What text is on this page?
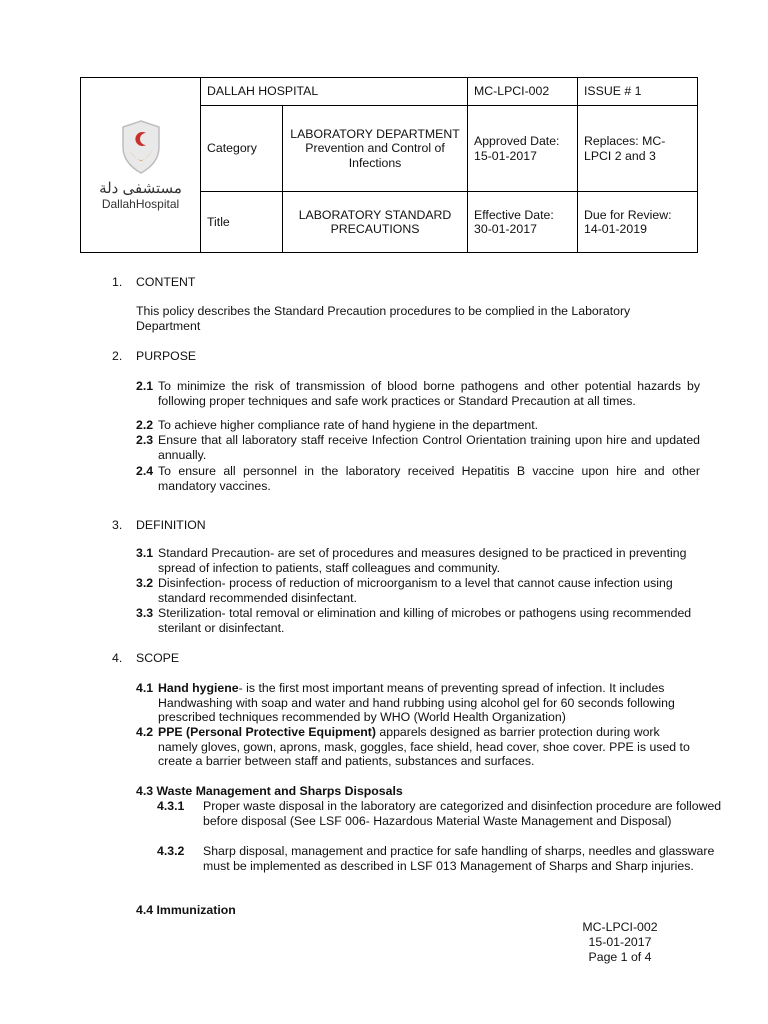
مستشفى دلة
DallahHospital	DALLAH HOSPITAL		MC-LPCI-002	ISSUE # 1
	Category	LABORATORY DEPARTMENT Prevention and Control of Infections	Approved Date: 15-01-2017	Replaces: MC-LPCI 2 and 3
	Title	LABORATORY STANDARD PRECAUTIONS	Effective Date: 30-01-2017	Due for Review: 14-01-2019
1. CONTENT
This policy describes the Standard Precaution procedures to be complied in the Laboratory Department
2. PURPOSE
2.1 To minimize the risk of transmission of blood borne pathogens and other potential hazards by following proper techniques and safe work practices or Standard Precaution at all times.
2.2 To achieve higher compliance rate of hand hygiene in the department.
2.3 Ensure that all laboratory staff receive Infection Control Orientation training upon hire and updated annually.
2.4 To ensure all personnel in the laboratory received Hepatitis B vaccine upon hire and other mandatory vaccines.
3. DEFINITION
3.1 Standard Precaution- are set of procedures and measures designed to be practiced in preventing spread of infection to patients, staff colleagues and community.
3.2 Disinfection- process of reduction of microorganism to a level that cannot cause infection using standard recommended disinfectant.
3.3 Sterilization- total removal or elimination and killing of microbes or pathogens using recommended sterilant or disinfectant.
4. SCOPE
4.1 Hand hygiene- is the first most important means of preventing spread of infection. It includes Handwashing with soap and water and hand rubbing using alcohol gel for 60 seconds following prescribed techniques recommended by WHO (World Health Organization)
4.2 PPE (Personal Protective Equipment) apparels designed as barrier protection during work namely gloves, gown, aprons, mask, goggles, face shield, head cover, shoe cover. PPE is used to create a barrier between staff and patients, substances and surfaces.
4.3 Waste Management and Sharps Disposals
4.3.1 Proper waste disposal in the laboratory are categorized and disinfection procedure are followed before disposal (See LSF 006- Hazardous Material Waste Management and Disposal)
4.3.2 Sharp disposal, management and practice for safe handling of sharps, needles and glassware must be implemented as described in LSF 013 Management of Sharps and Sharp injuries.
4.4 Immunization
MC-LPCI-002
15-01-2017
Page 1 of 4
